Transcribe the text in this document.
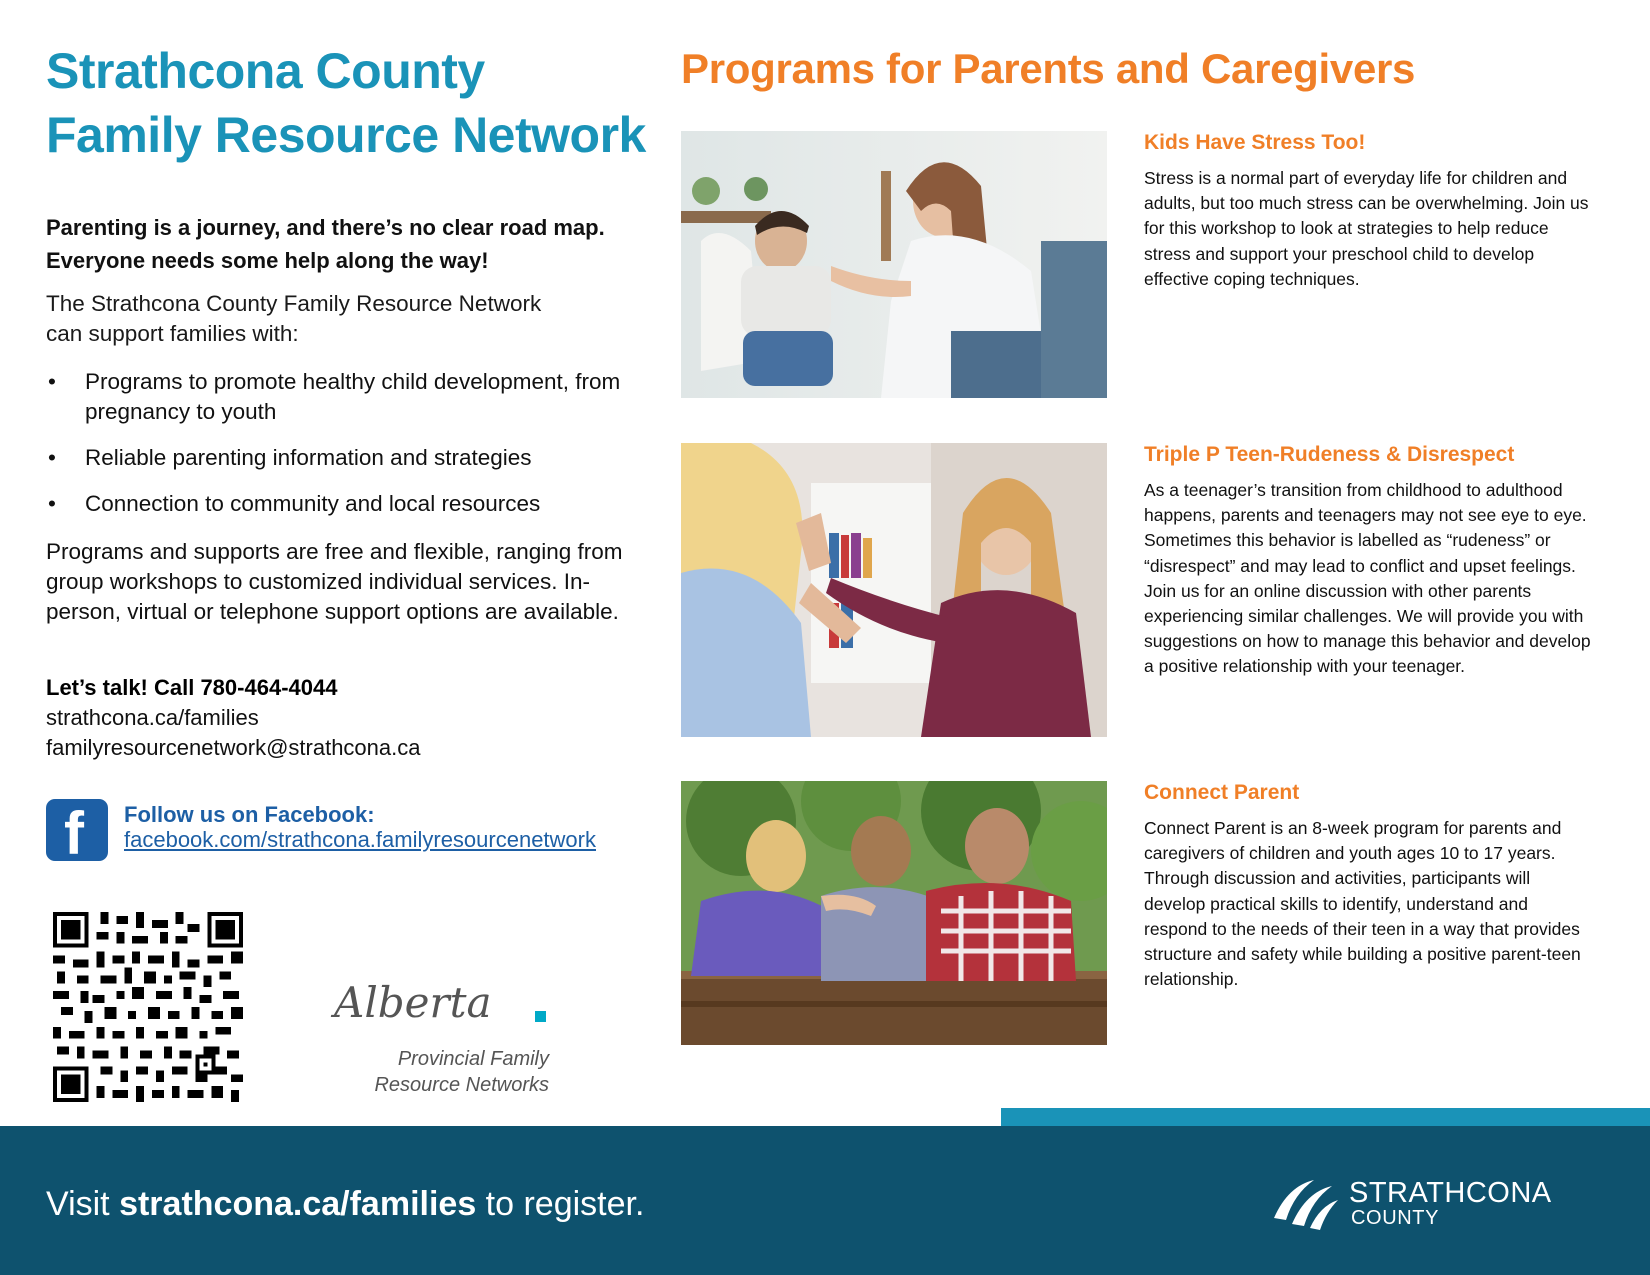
Strathcona County
Family Resource Network
Parenting is a journey, and there’s no clear road map.
Everyone needs some help along the way!
The Strathcona County Family Resource Network
can support families with:
• Programs to promote healthy child development, from pregnancy to youth
• Reliable parenting information and strategies
• Connection to community and local resources
Programs and supports are free and flexible, ranging from group workshops to customized individual services. In-person, virtual or telephone support options are available.
Let’s talk! Call 780-464-4044
strathcona.ca/families
familyresourcenetwork@strathcona.ca
f Follow us on Facebook:
facebook.com/strathcona.familyresourcenetwork
Alberta
Provincial Family
Resource Networks
Programs for Parents and Caregivers
Kids Have Stress Too!
Stress is a normal part of everyday life for children and adults, but too much stress can be overwhelming. Join us for this workshop to look at strategies to help reduce stress and support your preschool child to develop effective coping techniques.
Triple P Teen-Rudeness & Disrespect
As a teenager’s transition from childhood to adulthood happens, parents and teenagers may not see eye to eye. Sometimes this behavior is labelled as “rudeness” or “disrespect” and may lead to conflict and upset feelings. Join us for an online discussion with other parents experiencing similar challenges. We will provide you with suggestions on how to manage this behavior and develop a positive relationship with your teenager.
Connect Parent
Connect Parent is an 8-week program for parents and caregivers of children and youth ages 10 to 17 years. Through discussion and activities, participants will develop practical skills to identify, understand and respond to the needs of their teen in a way that provides structure and safety while building a positive parent-teen relationship.
Visit strathcona.ca/families to register.	STRATHCONA
COUNTY
